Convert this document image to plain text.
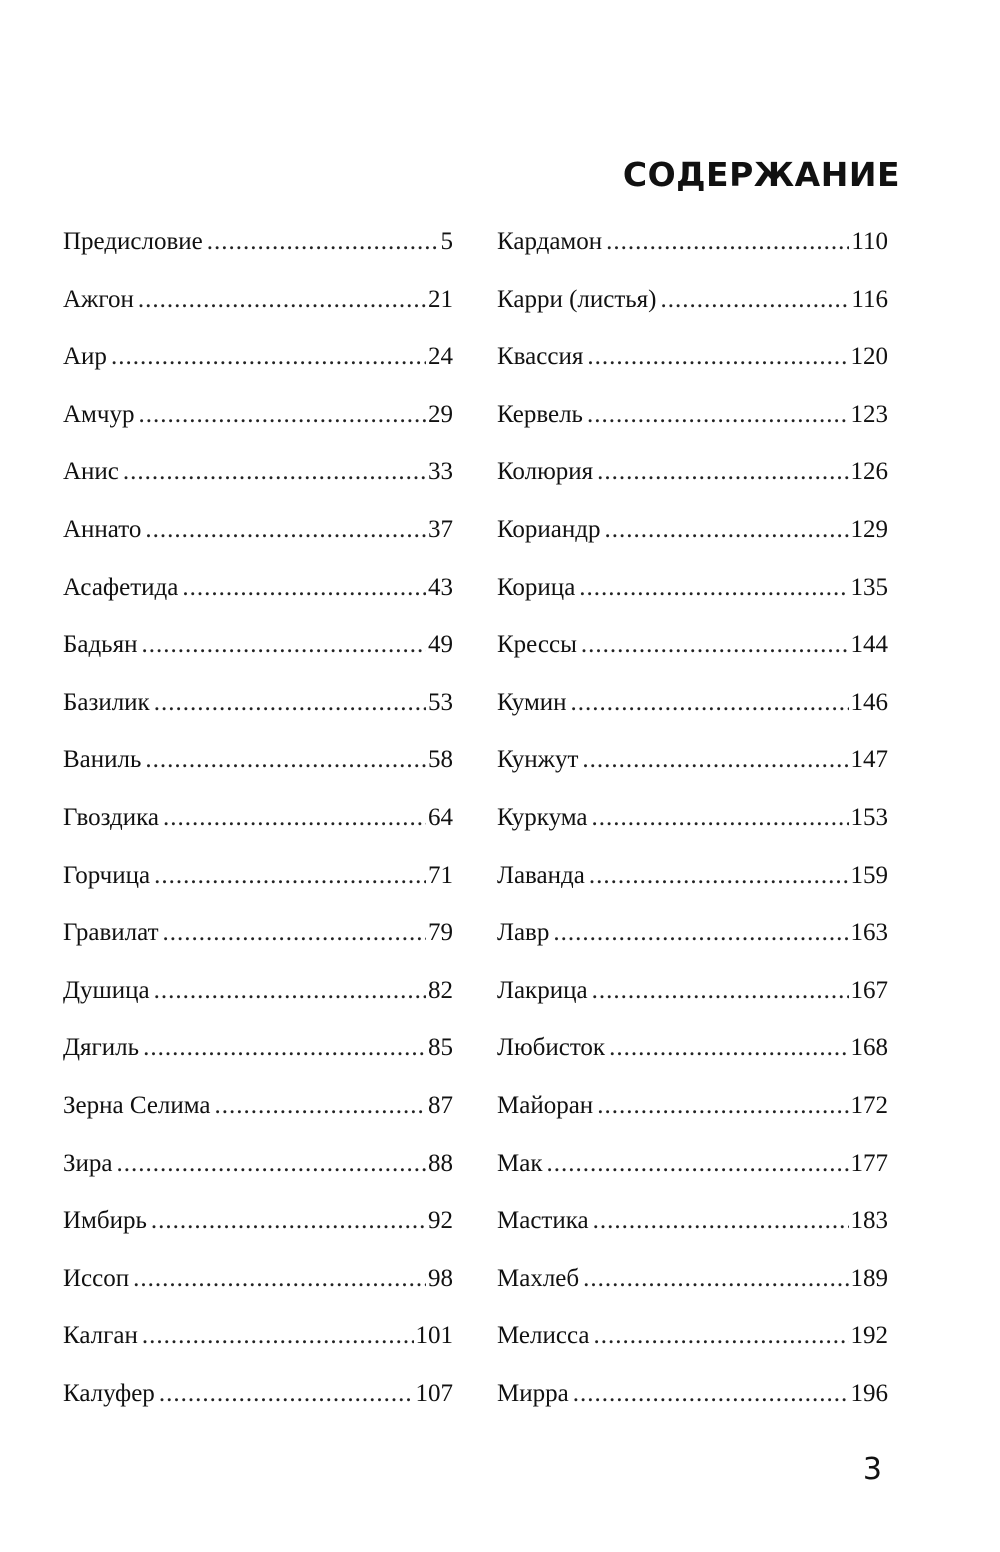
СОДЕРЖАНИЕ
Предисловие .....	5
Ажгон .....	21
Аир .....	24
Амчур .....	29
Анис .....	33
Аннато .....	37
Асафетида .....	43
Бадьян .....	49
Базилик .....	53
Ваниль .....	58
Гвоздика .....	64
Горчица .....	71
Гравилат .....	79
Душица .....	82
Дягиль .....	85
Зерна Селима .....	87
Зира .....	88
Имбирь .....	92
Иссоп .....	98
Калган .....	101
Калуфер .....	107
Кардамон .....	110
Карри (листья) .....	116
Квассия .....	120
Кервель .....	123
Колюрия .....	126
Кориандр .....	129
Корица .....	135
Крессы .....	144
Кумин .....	146
Кунжут .....	147
Куркума .....	153
Лаванда .....	159
Лавр .....	163
Лакрица .....	167
Любисток .....	168
Майоран .....	172
Мак .....	177
Мастика .....	183
Махлеб .....	189
Мелисса .....	192
Мирра .....	196
3
